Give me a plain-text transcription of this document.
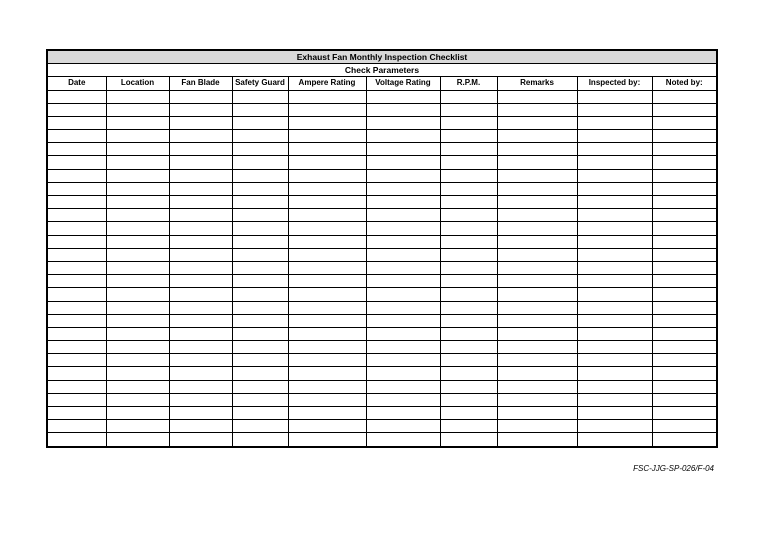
Exhaust Fan Monthly Inspection Checklist
Check Parameters
Date	Location	Fan Blade	Safety Guard	Ampere Rating	Voltage Rating	R.P.M.	Remarks	Inspected by:	Noted by:

FSC-JJG-SP-026/F-04
